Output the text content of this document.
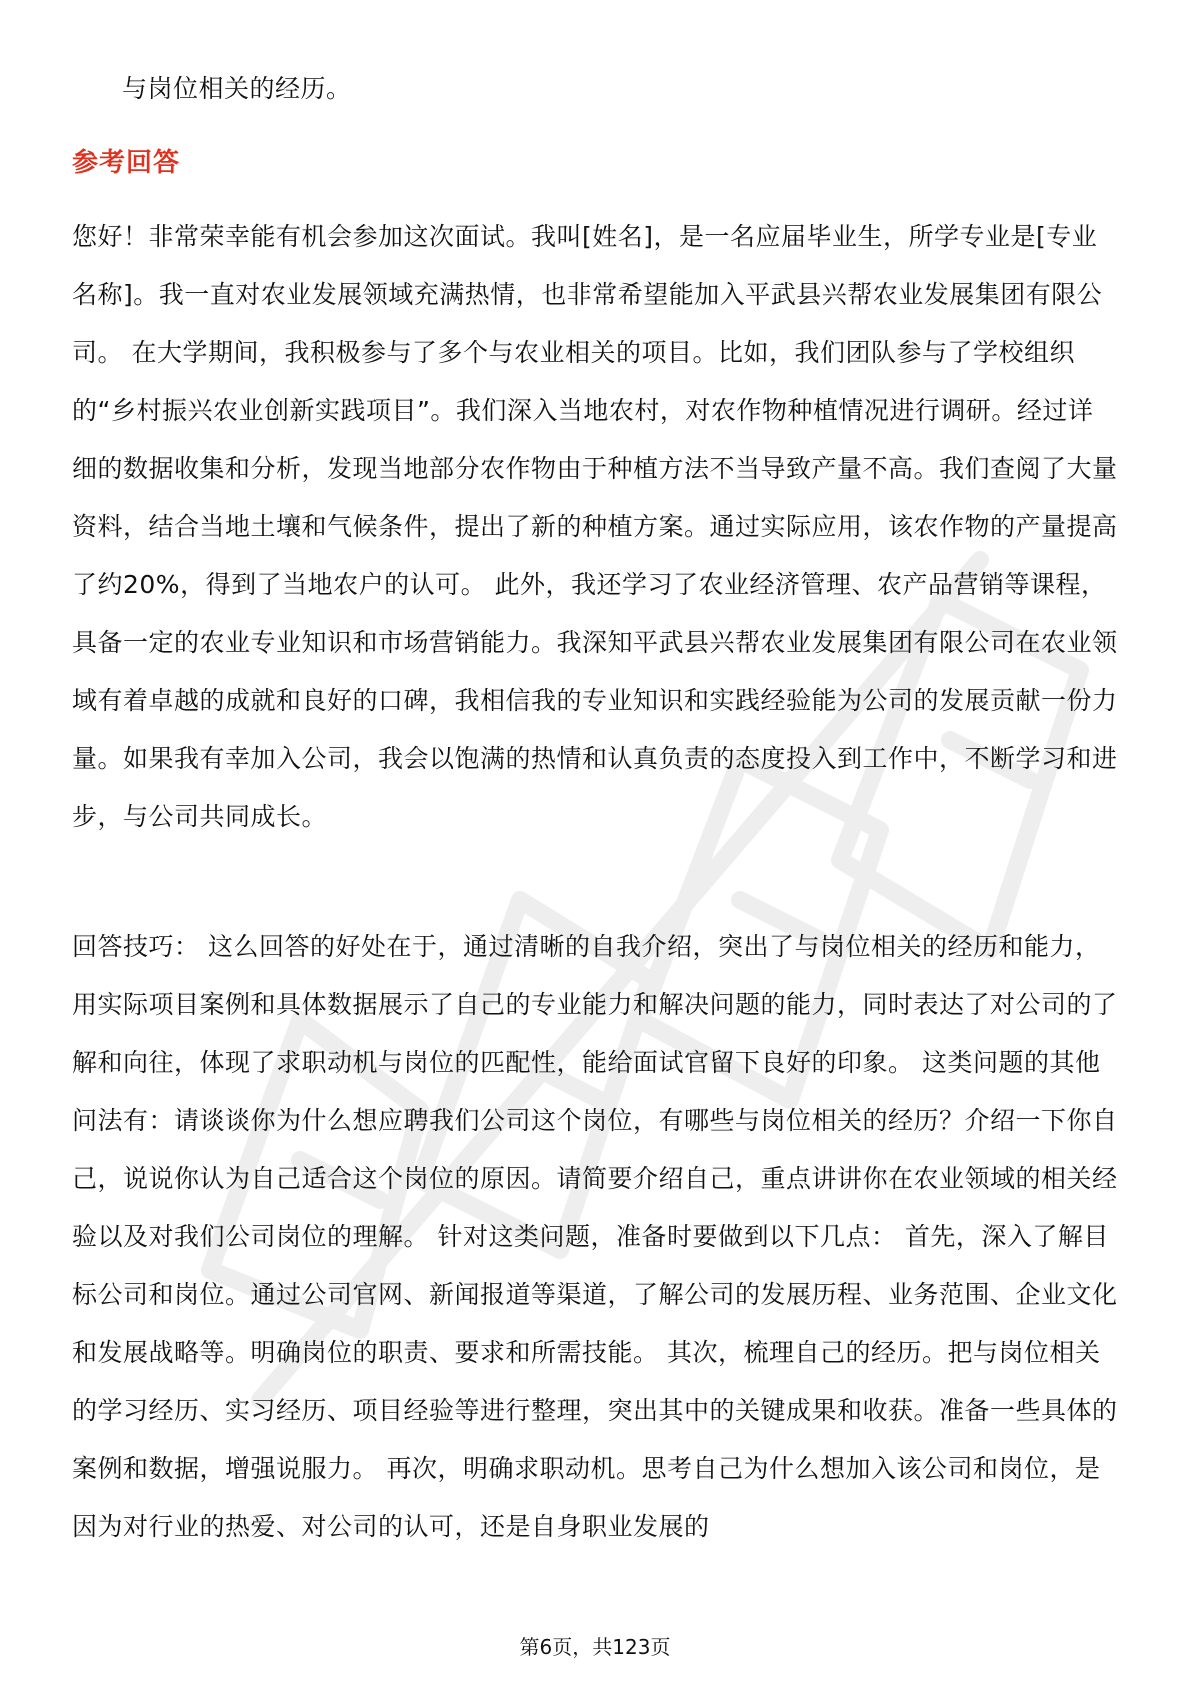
与岗位相关的经历。

参考回答

您好！非常荣幸能有机会参加这次面试。我叫[姓名]，是一名应届毕业生，所学专业是[专业名称]。我一直对农业发展领域充满热情，也非常希望能加入平武县兴帮农业发展集团有限公司。 在大学期间，我积极参与了多个与农业相关的项目。比如，我们团队参与了学校组织的“乡村振兴农业创新实践项目”。我们深入当地农村，对农作物种植情况进行调研。经过详细的数据收集和分析，发现当地部分农作物由于种植方法不当导致产量不高。我们查阅了大量资料，结合当地土壤和气候条件，提出了新的种植方案。通过实际应用，该农作物的产量提高了约20%，得到了当地农户的认可。 此外，我还学习了农业经济管理、农产品营销等课程，具备一定的农业专业知识和市场营销能力。我深知平武县兴帮农业发展集团有限公司在农业领域有着卓越的成就和良好的口碑，我相信我的专业知识和实践经验能为公司的发展贡献一份力量。如果我有幸加入公司，我会以饱满的热情和认真负责的态度投入到工作中，不断学习和进步，与公司共同成长。

回答技巧： 这么回答的好处在于，通过清晰的自我介绍，突出了与岗位相关的经历和能力，用实际项目案例和具体数据展示了自己的专业能力和解决问题的能力，同时表达了对公司的了解和向往，体现了求职动机与岗位的匹配性，能给面试官留下良好的印象。 这类问题的其他问法有：请谈谈你为什么想应聘我们公司这个岗位，有哪些与岗位相关的经历？介绍一下你自己，说说你认为自己适合这个岗位的原因。请简要介绍自己，重点讲讲你在农业领域的相关经验以及对我们公司岗位的理解。 针对这类问题，准备时要做到以下几点： 首先，深入了解目标公司和岗位。通过公司官网、新闻报道等渠道，了解公司的发展历程、业务范围、企业文化和发展战略等。明确岗位的职责、要求和所需技能。 其次，梳理自己的经历。把与岗位相关的学习经历、实习经历、项目经验等进行整理，突出其中的关键成果和收获。准备一些具体的案例和数据，增强说服力。 再次，明确求职动机。思考自己为什么想加入该公司和岗位，是因为对行业的热爱、对公司的认可，还是自身职业发展的

第6页，共123页
